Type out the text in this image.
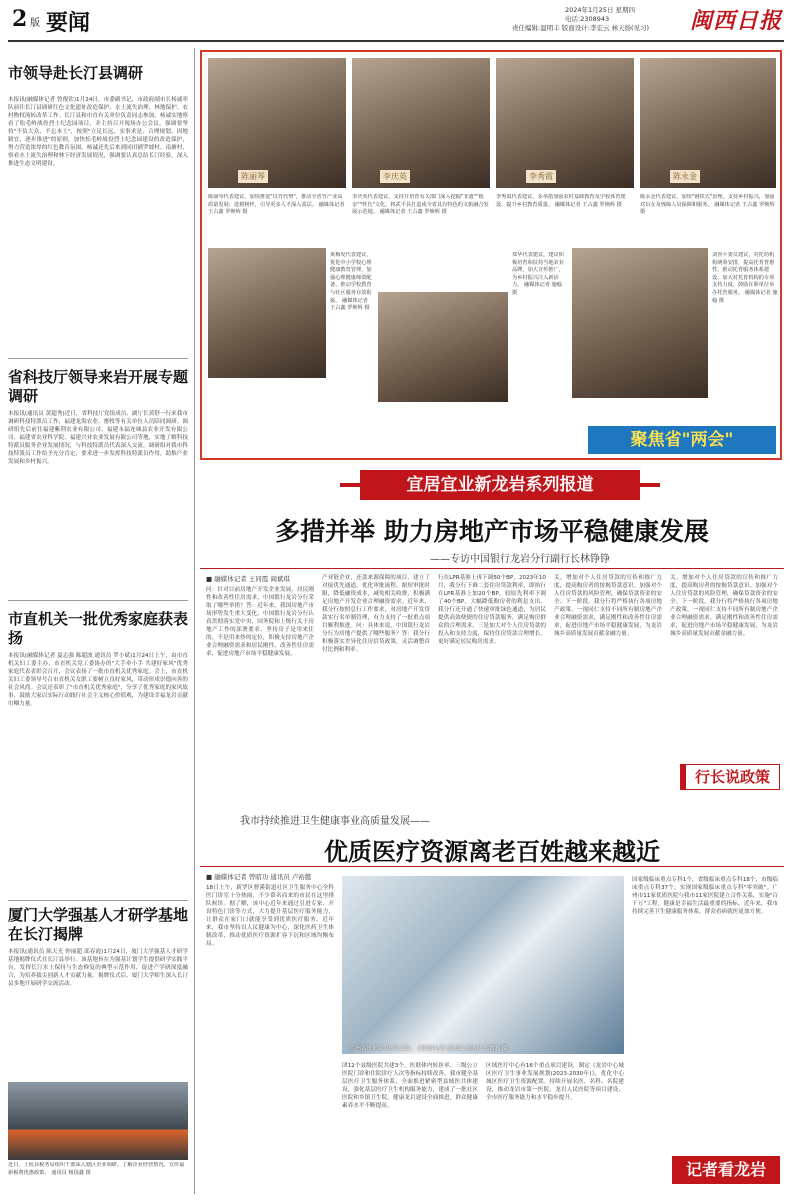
2 版 要闻	2024年1月25日 星期四
电话:2308943
责任编辑:温明丰 版面设计:李宏云 林天扬(见习) 闽西日报
市领导赴长汀县调研
本报讯(融媒体记者 曾俊钦)1月24日，市委副书记、市政府副市长杨诚率队前往长汀县调研红色文化遗址改造保护、水土流失治理、林地保护、农村物权流转改革工作。长汀县和市直有关单位负责同志参加。杨诚实地察看了松毛岭战役烈士纪念园项目，并主持召开现场办公会议，强调要坚持"不负大众、不忘本土"，按照"立足长远、实事求是、合理规划、因地制宜、逐步推进"的原则，加快松毛岭战役烈士纪念园建设的改造保护，努力营造浓厚的红色教育氛围。杨诚还先后来到同田铺罗坡村、南塘村，察看水土流失治理和林下经济发展情况，强调要认真总结长汀经验，深入推进生态文明建设。
省科技厅领导来岩开展专题调研
本报讯(通讯员 黄超秀)近日，省科技厅党组成员、副厅长黄舒一行来我市调研科技特派员工作，福建龙海农业、畜牧等有关单位人员陪同调研。调研组先后前往福建紫荆农业有限公司、福建永福连城县农业开发有限公司、福建省农业科学院、福建兴业农业发展有限公司等地，实地了解科技特派员服务企业发展情况，与科技特派员代表深入交流。调研组对我市科技特派员工作给予充分肯定，要求进一步发挥科技特派员作用，助推产业发展和乡村振兴。
市直机关一批优秀家庭获表扬
本报讯(融媒体记者 夏志强 陈超波 通讯员 罗小斌)1月24日上午，由市直机关妇工委主办，市直机关党工委协办的"大手牵小手 共建好家风"优秀家庭代表表彰会召开，会议表扬了一批市直机关优秀家庭。会上，市直机关妇工委领导号召市直机关女职工要树立良好家风，带动形成崇德向善的社会风尚。会议还表彰了"市直机关优秀家庭"，分享了优秀家庭的家风故事，鼓励大家以实际行动践行社会主义核心价值观，为建设幸福龙岩贡献巾帼力量。
厦门大学强基人才研学基地在长汀揭牌
本报讯(通讯员 陈天光 钟丽超 邱春霞)1月24日，厦门大学强基人才研学基地揭牌仪式在长汀县举行。该基地旨在为强基计划学生提供研学实践平台，发挥长汀水土保持与生态修复的典型示范作用，促进产学研深度融合，为培养拔尖创新人才贡献力量。揭牌仪式后，厦门大学师生深入长汀县多地开展研学交流活动。
近日，上杭县税务局组织干部深入辖区企业调研，了解企业经营情况，宣传最新税费优惠政策。 通讯员 杨国鑫 摄
陈丽琴
陈丽琴代表建议，加快推进"以竹代塑"，推动全省竹产业高质量发展；选树榜样，引导更多人才深入基层。 融媒体记者 王占鑫 罗焕辉 摄
李庆英
李庆英代表建议，支持并培育有关部门深入挖掘"非遗""根亲""姓氏"文化，将武平县打造成全省具有特色的文旅融合发展示范地。 融媒体记者 王占鑫 罗焕辉 摄
李秀霞
李秀霞代表建议，多举措加强农村基础教育及学校体育建设，提升乡村教育质量。 融媒体记者 王占鑫 罗焕辉 摄
陈永金
陈永金代表建议，加快"钢铁式"治理，支持乡村振兴，加强对妇女及残障人员保障和服务。 融媒体记者 王占鑫 罗焕辉 摄
黄梅发代表建议，优化中小学校心理健康教育管理，加强心理健康师资配备，推动学校教育与社区服务有效衔接。 融媒体记者 王占鑫 罗焕辉 摄
郑华代表建议，建议积极培育和扶持当地农业品牌，加大宣传推广，为乡村振兴注入新活力。 融媒体记者 施翰 摄
刘喜平委员建议，对托幼机构统筹安排，提高托育普惠性，推动托育服务体系建设，加大对托育机构的专项支持力度，鼓励在职单位举办托育服务。 融媒体记者 施翰 摄
聚焦省"两会"
宜居宜业新龙岩系列报道
多措并举 助力房地产市场平稳健康发展
——专访中国银行龙岩分行副行长林铮铮
■ 融媒体记者 王同霞 阎斌琪
问：针对目前房地产开发企业发展、居民刚性和改善性住房需求，中国银行龙岩分行采取了哪些举措？答：近年来，我国房地产市场形势发生重大变化。中国银行龙岩分行认真贯彻落实党中央、国务院和上级行关于房地产工作的部署要求，坚持房子是用来住的、不是用来炒的定位，积极支持房地产企业合理融资需求和居民刚性、改善性住房需求，促进房地产市场平稳健康发展。
产业链企业，还款来源保障的项目，建立了对接优先通道，优化审批流程，缩短审批时限，降低融资成本，减免相关收费，积极满足房地产开发企业合理融资需求。近年来，我分行按照总行工作要求，对房地产开发贷款实行名单制管理，有力支持了一批重点项目顺利推进。问：具体来说，中国银行龙岩分行为房地产提供了哪些服务？答：我分行积极落实差异化住房信贷政策，灵活调整首付比例和利率。
行在LPR基准上再下调50个BP，2023年10月，我分行下调二套住房贷款利率，即执行在LPR基准上加20个BP，较原先利率下调了40个BP。大幅降低购房者的利息支出。我分行还开通了快速审批绿色通道，为居民提供高效便捷的住房贷款服务，满足购房群众的合理需求。三是加大对个人住房贷款的投入和支持力度，保持住房贷款合理增长，更好满足居民购房需求。
关。增加对个人住房贷款的宣传和推广力度，提高购房者的按揭贷款意识。加强对个人住房贷款的风险管理，确保贷款资金的安全。下一阶段，我分行将严格执行各项房地产政策，一视同仁支持不同所有制房地产企业合理融资需求，满足刚性和改善性住房需求，促进房地产市场平稳健康发展，为龙岩城乡高质量发展贡献金融力量。
关。增加对个人住房贷款的宣传和推广力度，提高购房者的按揭贷款意识。加强对个人住房贷款的风险管理，确保贷款资金的安全。下一阶段，我分行将严格执行各项房地产政策，一视同仁支持不同所有制房地产企业合理融资需求，满足刚性和改善性住房需求，促进房地产市场平稳健康发展，为龙岩城乡高质量发展贡献金融力量。
行长说政策
我市持续推进卫生健康事业高质量发展——
优质医疗资源离老百姓越来越近
■ 融媒体记者 曾昭功 通讯员 卢裕懿
18日上午，新罗区曹溪街道社区卫生服务中心全科医门诊室十分热闹，不少慕名而来的市民在这里排队候诊。据了解，该中心近年来通过引进专家、开设特色门诊等方式，大力提升基层医疗服务能力，让群众在家门口就能享受到优质医疗服务。近年来，我市坚持以人民健康为中心，深化医药卫生体制改革，推动优质医疗资源扩容下沉和区域均衡布局。
广州名医来岩为市民义诊。 融媒体记者 郭庆斌 通讯员 郭君君 摄
团12个县级医院共建3个，医联体内转诊率、三级公立医院门诊和住院诊疗人次等指标持续改善。我市健全基层医疗卫生服务体系，全面推进紧密型县域医共体建设，强化基层医疗卫生机构服务能力，建成了一批社区医院和乡镇卫生院。健康龙岩建设全面推进，群众健康素养水平不断提高。
区域医疗中心有16个重点项目建设，制定《龙岩中心城区医疗卫生事业发展规划(2023-2030年)》，优化中心城区医疗卫生资源配置。持续开展名医、名科、名院建设，推动龙岩市第一医院、龙岩人民医院等项目建设，全市医疗服务能力和水平稳步提升。
国家级临床重点专科1个，省级临床重点专科18个，市级临床重点专科37个。实现国家级临床重点专科"零突破"。广州市11家优质医院与我市11家医院建立合作关系，实施"百千万"工程。健康是幸福生活最重要的指标。近年来，我市持续完善卫生健康服务体系，群众看病就医更加方便。
记者看龙岩
